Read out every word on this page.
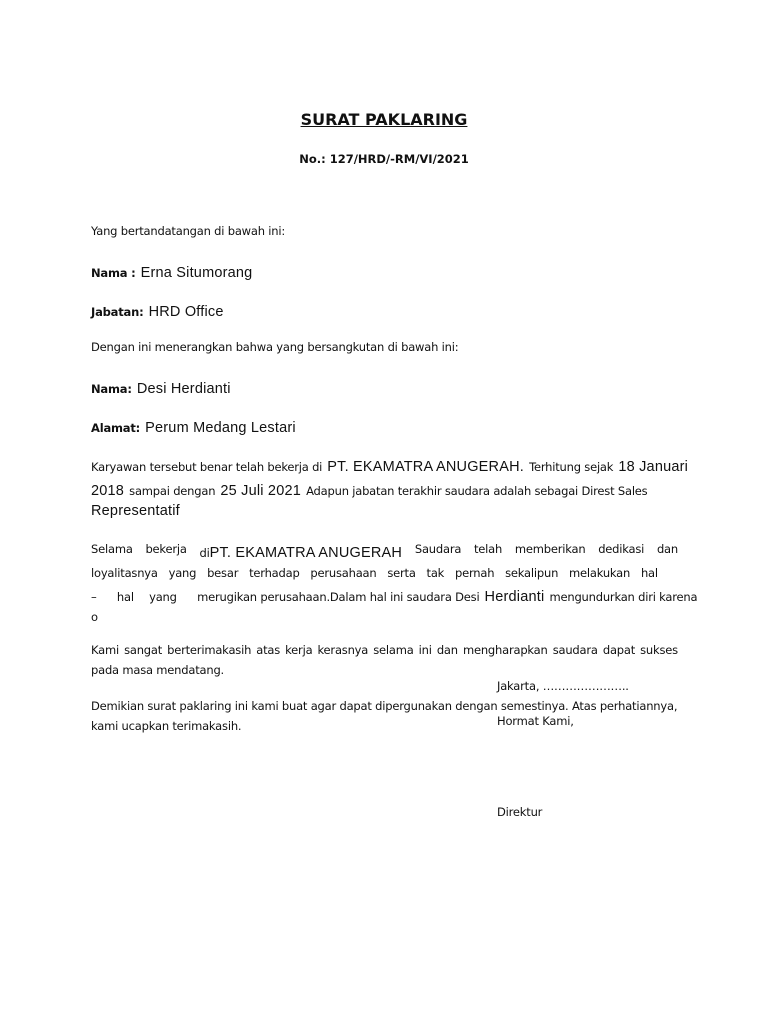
SURAT PAKLARING
No.: 127/HRD/-RM/VI/2021
Yang bertandatangan di bawah ini:
Nama : Erna Situmorang
Jabatan: HRD Office
Dengan ini menerangkan bahwa yang bersangkutan di bawah ini:
Nama: Desi Herdianti
Alamat: Perum Medang Lestari
Karyawan tersebut benar telah bekerja di PT. EKAMATRA ANUGERAH. Terhitung sejak 18 Januari
2018 sampai dengan 25 Juli 2021 Adapun jabatan terakhir saudara adalah sebagai Direst Sales
Representatif
Selama bekerja diPT. EKAMATRA ANUGERAH Saudara telah memberikan dedikasi dan
loyalitasnya yang besar terhadap perusahaan serta tak pernah sekalipun melakukan hal
– hal yang merugikan perusahaan.Dalam hal ini saudara Desi Herdianti mengundurkan diri karena
o
Kami sangat berterimakasih atas kerja kerasnya selama ini dan mengharapkan saudara dapat sukses
pada masa mendatang.
Jakarta, …………………..
Demikian surat paklaring ini kami buat agar dapat dipergunakan dengan semestinya. Atas perhatiannya,
kami ucapkan terimakasih.	Hormat Kami,
Direktur
